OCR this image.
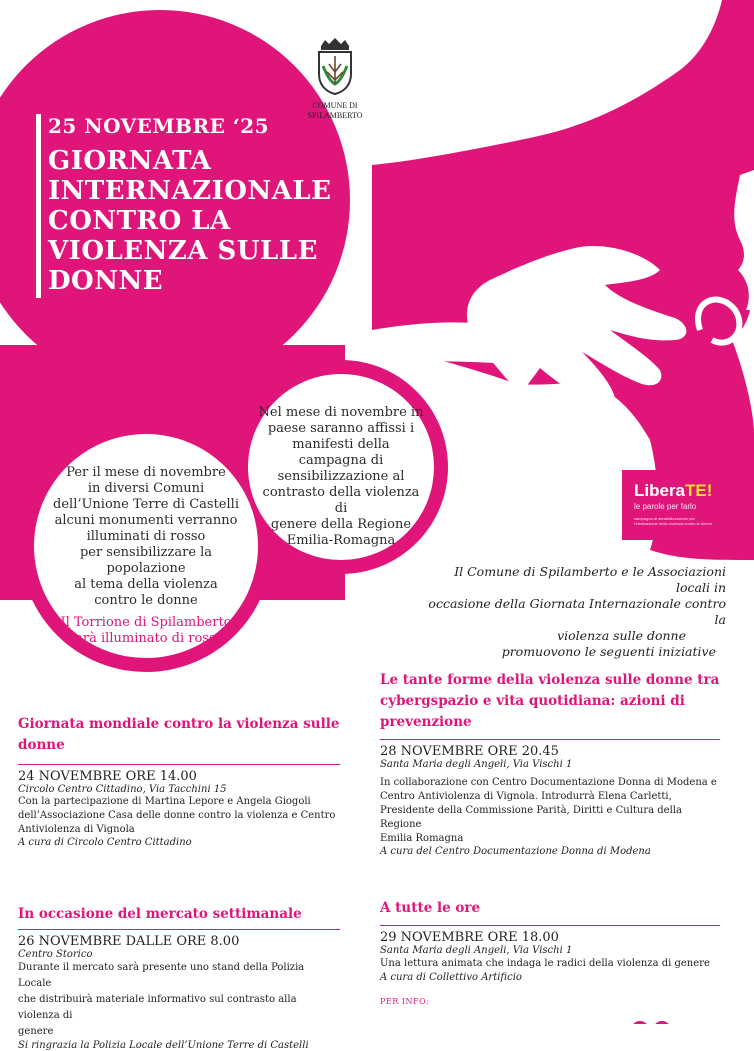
COMUNE DI
SPILAMBERTO
25 NOVEMBRE ‘25
GIORNATA
INTERNAZIONALE
CONTRO LA
VIOLENZA SULLE
DONNE
Nel mese di novembre in
paese saranno affissi i
manifesti della campagna di
sensibilizzazione al
contrasto della violenza di
genere della Regione
Emilia-Romagna
Per il mese di novembre
in diversi Comuni
dell’Unione Terre di Castelli
alcuni monumenti verranno
illuminati di rosso
per sensibilizzare la popolazione
al tema della violenza
contro le donne
Il Torrione di Spilamberto
sarà illuminato di rosso
LiberaTE!
le parole per farlo
campagna di sensibilizzazione per l'eliminazione della violenza contro le donne
Il Comune di Spilamberto e le Associazioni locali in
occasione della Giornata Internazionale contro la
violenza sulle donne
promuovono le seguenti iniziative
Giornata mondiale contro la violenza sulle
donne
24 NOVEMBRE ORE 14.00
Circolo Centro Cittadino, Via Tacchini 15
Con la partecipazione di Martina Lepore e Angela Giogoli
dell’Associazione Casa delle donne contro la violenza e Centro
Antiviolenza di Vignola
A cura di Circolo Centro Cittadino
Le tante forme della violenza sulle donne tra
cybergspazio e vita quotidiana: azioni di
prevenzione
28 NOVEMBRE ORE 20.45
Santa Maria degli Angeli, Via Vischi 1
In collaborazione con Centro Documentazione Donna di Modena e
Centro Antiviolenza di Vignola. Introdurrà Elena Carletti,
Presidente della Commissione Parità, Diritti e Cultura della Regione
Emilia Romagna
A cura del Centro Documentazione Donna di Modena
In occasione del mercato settimanale
26 NOVEMBRE DALLE ORE 8.00
Centro Storico
Durante il mercato sarà presente uno stand della Polizia Locale
che distribuirà materiale informativo sul contrasto alla violenza di
genere
Si ringrazia la Polizia Locale dell’Unione Terre di Castelli
A tutte le ore
29 NOVEMBRE ORE 18.00
Santa Maria degli Angeli, Via Vischi 1
Una lettura animata che indaga le radici della violenza di genere
A cura di Collettivo Artificio
PER INFO:
